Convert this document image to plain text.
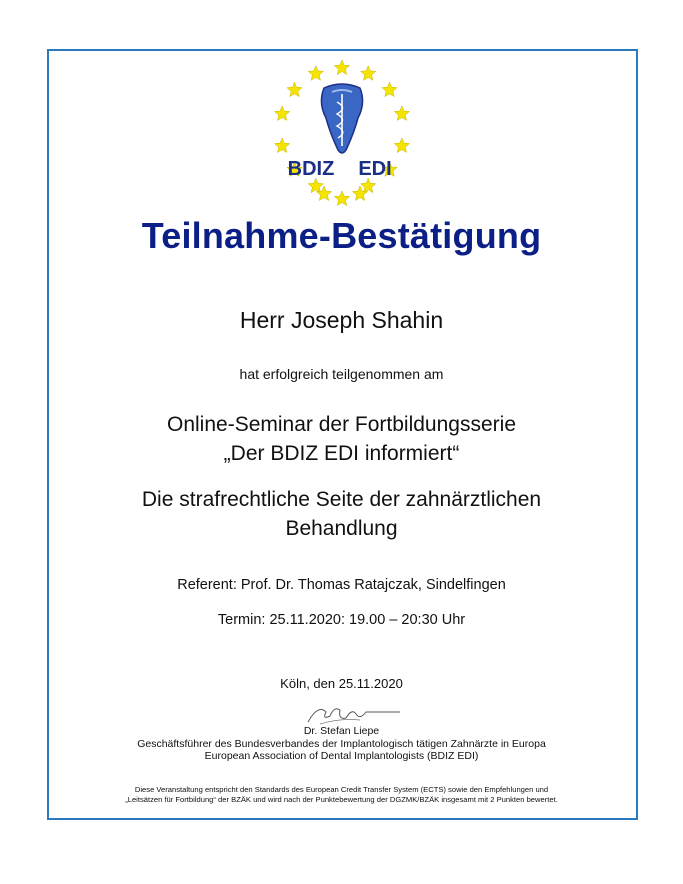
BDIZ EDI
Teilnahme-Bestätigung
Herr Joseph Shahin
hat erfolgreich teilgenommen am
Online-Seminar der Fortbildungsserie
„Der BDIZ EDI informiert“
Die strafrechtliche Seite der zahnärztlichen
Behandlung
Referent: Prof. Dr. Thomas Ratajczak, Sindelfingen
Termin: 25.11.2020: 19.00 – 20:30 Uhr
Köln, den 25.11.2020
Dr. Stefan Liepe
Geschäftsführer des Bundesverbandes der Implantologisch tätigen Zahnärzte in Europa
European Association of Dental Implantologists (BDIZ EDI)
Diese Veranstaltung entspricht den Standards des European Credit Transfer System (ECTS) sowie den Empfehlungen und
„Leitsätzen für Fortbildung“ der BZÄK und wird nach der Punktebewertung der DGZMK/BZÄK insgesamt mit 2 Punkten bewertet.
